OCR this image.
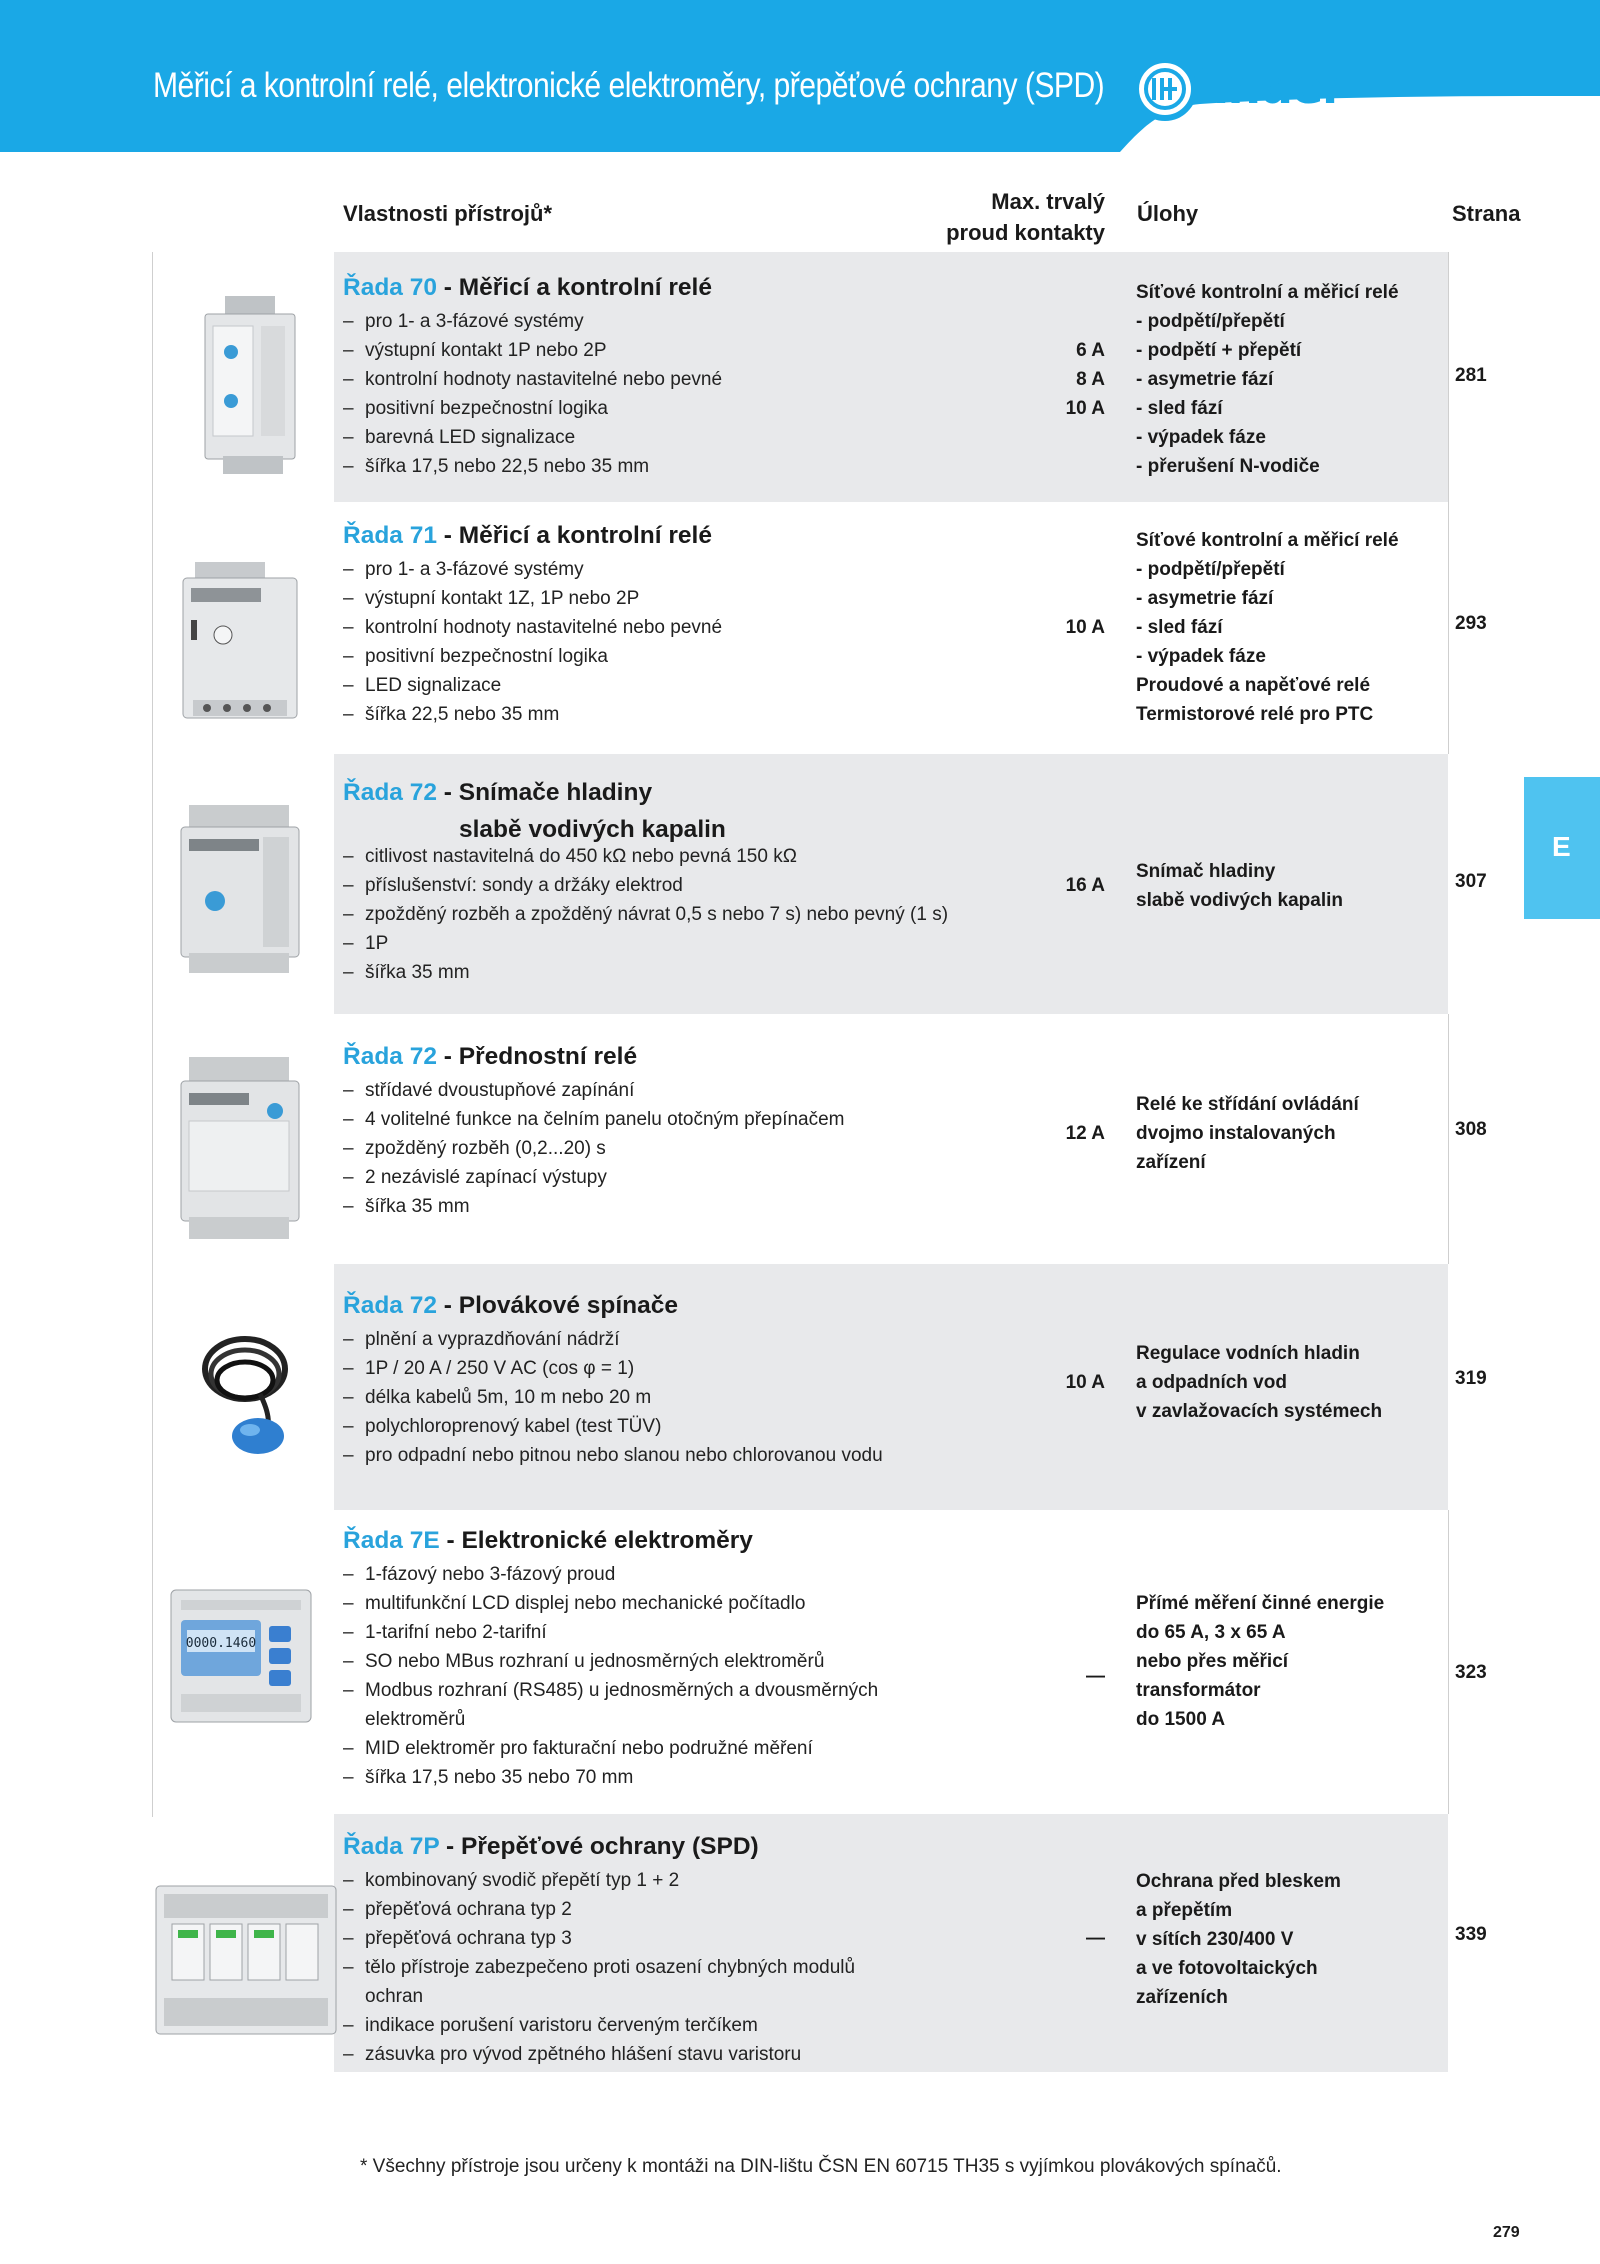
Měřicí a kontrolní relé, elektronické elektroměry, přepěťové ochrany (SPD) finder
Vlastnosti přístrojů*	Max. trvalý proud kontakty
Úlohy	Strana
Řada 70 - Měřicí a kontrolní relé
– pro 1- a 3-fázové systémy
– výstupní kontakt 1P nebo 2P
– kontrolní hodnoty nastavitelné nebo pevné
– positivní bezpečnostní logika
– barevná LED signalizace
– šířka 17,5 nebo 22,5 nebo 35 mm
6 A
8 A
10 A
Síťové kontrolní a měřicí relé
- podpětí/přepětí
- podpětí + přepětí
- asymetrie fází
- sled fází
- výpadek fáze
- přerušení N-vodiče
281
Řada 71 - Měřicí a kontrolní relé
– pro 1- a 3-fázové systémy
– výstupní kontakt 1Z, 1P nebo 2P
– kontrolní hodnoty nastavitelné nebo pevné
– positivní bezpečnostní logika
– LED signalizace
– šířka 22,5 nebo 35 mm
10 A
Síťové kontrolní a měřicí relé
- podpětí/přepětí
- asymetrie fází
- sled fází
- výpadek fáze
Proudové a napěťové relé
Termistorové relé pro PTC
293
Řada 72 - Snímače hladiny
slabě vodivých kapalin
– citlivost nastavitelná do 450 kΩ nebo pevná 150 kΩ
– příslušenství: sondy a držáky elektrod
– zpožděný rozběh a zpožděný návrat 0,5 s nebo 7 s) nebo pevný (1 s)
– 1P
– šířka 35 mm
16 A
Snímač hladiny
slabě vodivých kapalin
307
Řada 72 - Přednostní relé
– střídavé dvoustupňové zapínání
– 4 volitelné funkce na čelním panelu otočným přepínačem
– zpožděný rozběh (0,2...20) s
– 2 nezávislé zapínací výstupy
– šířka 35 mm
12 A
Relé ke střídání ovládání
dvojmo instalovaných
zařízení
308
Řada 72 - Plovákové spínače
– plnění a vyprazdňování nádrží
– 1P / 20 A / 250 V AC (cos φ = 1)
– délka kabelů 5m, 10 m nebo 20 m
– polychloroprenový kabel (test TÜV)
– pro odpadní nebo pitnou nebo slanou nebo chlorovanou vodu
10 A
Regulace vodních hladin
a odpadních vod
v zavlažovacích systémech
319
0000.1460
Řada 7E - Elektronické elektroměry
– 1-fázový nebo 3-fázový proud
– multifunkční LCD displej nebo mechanické počítadlo
– 1-tarifní nebo 2-tarifní
– SO nebo MBus rozhraní u jednosměrných elektroměrů
– Modbus rozhraní (RS485) u jednosměrných a dvousměrných
elektroměrů
– MID elektroměr pro fakturační nebo podružné měření
– šířka 17,5 nebo 35 nebo 70 mm
—
Přímé měření činné energie
do 65 A, 3 x 65 A
nebo přes měřicí
transformátor
do 1500 A
323
Řada 7P - Přepěťové ochrany (SPD)
– kombinovaný svodič přepětí typ 1 + 2
– přepěťová ochrana typ 2
– přepěťová ochrana typ 3
– tělo přístroje zabezpečeno proti osazení chybných modulů
ochran
– indikace porušení varistoru červeným terčíkem
– zásuvka pro vývod zpětného hlášení stavu varistoru
—
Ochrana před bleskem
a přepětím
v sítích 230/400 V
a ve fotovoltaických
zařízeních
339
E
* Všechny přístroje jsou určeny k montáži na DIN-lištu ČSN EN 60715 TH35 s vyjímkou plovákových spínačů.
279
